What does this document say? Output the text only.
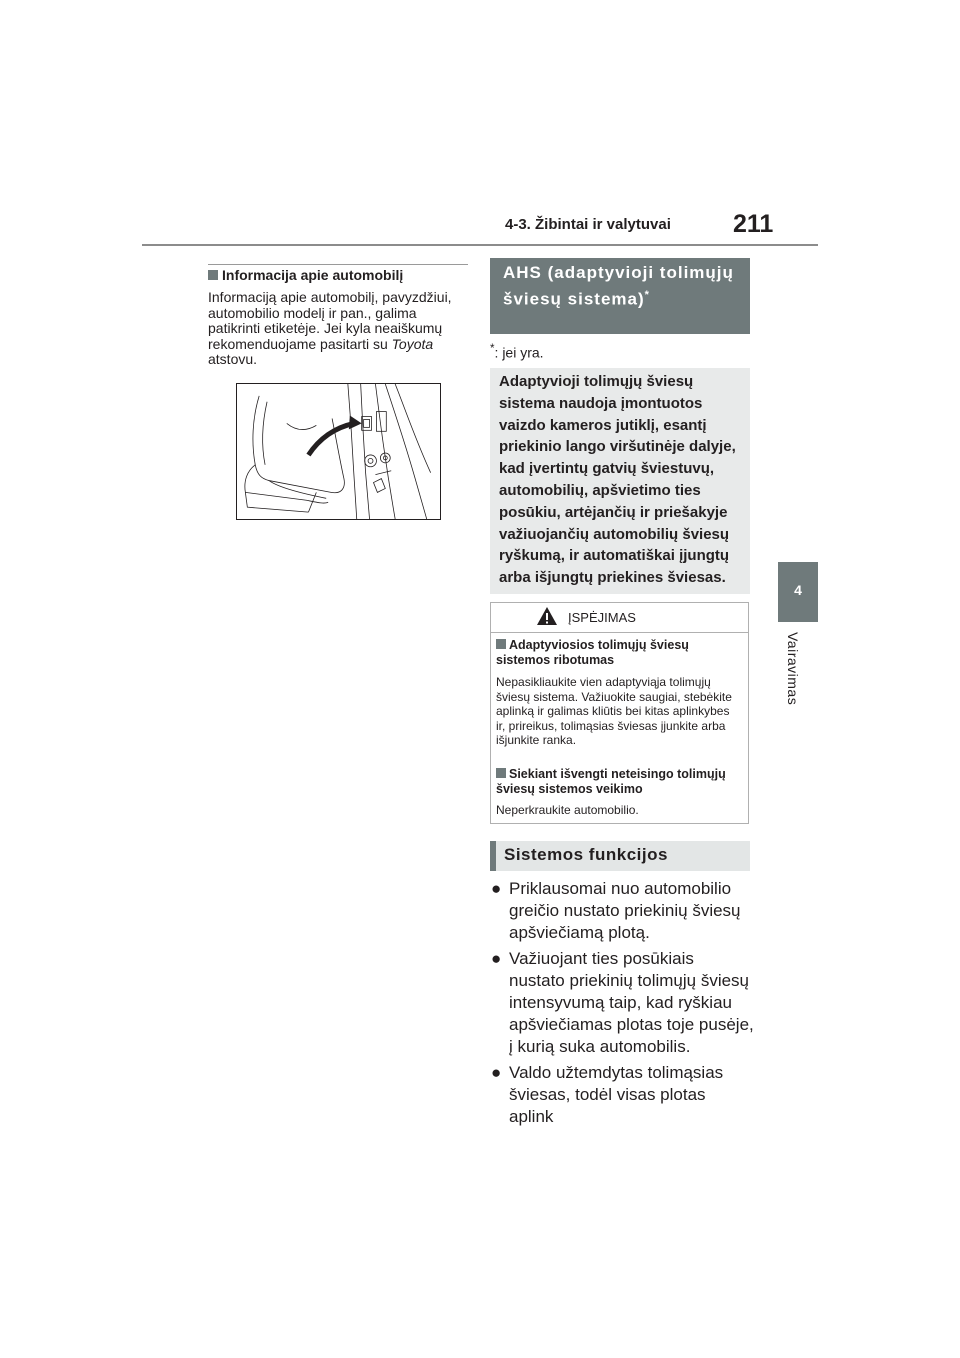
4-3. Žibintai ir valytuvai 211
4
Vairavimas
Informacija apie automobilį
Informaciją apie automobilį, pavyzdžiui, automobilio modelį ir pan., galima patikrinti etiketėje. Jei kyla neaiškumų rekomenduojame pasitarti su Toyota atstovu.
AHS (adaptyvioji tolimųjų šviesų sistema)*
*: jei yra.
Adaptyvioji tolimųjų šviesų sistema naudoja įmontuotos vaizdo kameros jutiklį, esantį priekinio lango viršutinėje dalyje, kad įvertintų gatvių šviestuvų, automobilių, apšvietimo ties posūkiu, artėjančių ir priešakyje važiuojančių automobilių šviesų ryškumą, ir automatiškai įjungtų arba išjungtų priekines šviesas.
ĮSPĖJIMAS
Adaptyviosios tolimųjų šviesų sistemos ribotumas
Nepasikliaukite vien adaptyviąja tolimųjų šviesų sistema. Važiuokite saugiai, stebėkite aplinką ir galimas kliūtis bei kitas aplinkybes ir, prireikus, tolimąsias šviesas įjunkite arba išjunkite ranka.
Siekiant išvengti neteisingo tolimųjų šviesų sistemos veikimo
Neperkraukite automobilio.
Sistemos funkcijos
● Priklausomai nuo automobilio greičio nustato priekinių šviesų apšviečiamą plotą.
● Važiuojant ties posūkiais nustato priekinių tolimųjų šviesų intensyvumą taip, kad ryškiau apšviečiamas plotas toje pusėje, į kurią suka automobilis.
● Valdo užtemdytas tolimąsias šviesas, todėl visas plotas aplink
